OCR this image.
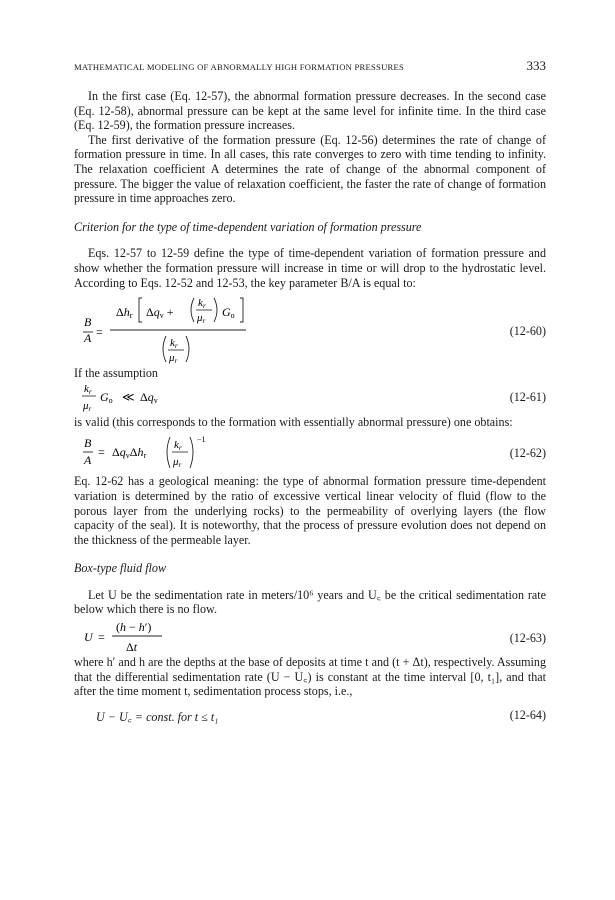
MATHEMATICAL MODELING OF ABNORMALLY HIGH FORMATION PRESSURES	333

In the first case (Eq. 12-57), the abnormal formation pressure decreases. In the second case (Eq. 12-58), abnormal pressure can be kept at the same level for infinite time. In the third case (Eq. 12-59), the formation pressure increases.

The first derivative of the formation pressure (Eq. 12-56) determines the rate of change of formation pressure in time. In all cases, this rate converges to zero with time tending to infinity. The relaxation coefficient A determines the rate of change of the abnormal component of pressure. The bigger the value of relaxation coefficient, the faster the rate of change of formation pressure in time approaches zero.

Criterion for the type of time-dependent variation of formation pressure

Eqs. 12-57 to 12-59 define the type of time-dependent variation of formation pressure and show whether the formation pressure will increase in time or will drop to the hydrostatic level. According to Eqs. 12-52 and 12-53, the key parameter B/A is equal to:

B
A =
Δhr Δqv +
kr
μr
Go
kr
μr
(12-60)

If the assumption

kr
μr
Go ≪ Δqv	(12-61)

is valid (this corresponds to the formation with essentially abnormal pressure) one obtains:

B
A
= ΔqvΔhr
kr
μr
−1
(12-62)

Eq. 12-62 has a geological meaning: the type of abnormal formation pressure time-dependent variation is determined by the ratio of excessive vertical linear velocity of fluid (flow to the porous layer from the underlying rocks) to the permeability of overlying layers (the flow capacity of the seal). It is noteworthy, that the process of pressure evolution does not depend on the thickness of the permeable layer.

Box-type fluid flow

Let U be the sedimentation rate in meters/10⁶ years and U꜀ be the critical sedimentation rate below which there is no flow.

U =
(h − h′)
Δt
(12-63)

where h′ and h are the depths at the base of deposits at time t and (t + Δt), respectively. Assuming that the differential sedimentation rate (U − U꜀) is constant at the time interval [0, t₁], and that after the time moment t, sedimentation process stops, i.e.,

U − U꜀ = const. for t ≤ t₁	(12-64)
